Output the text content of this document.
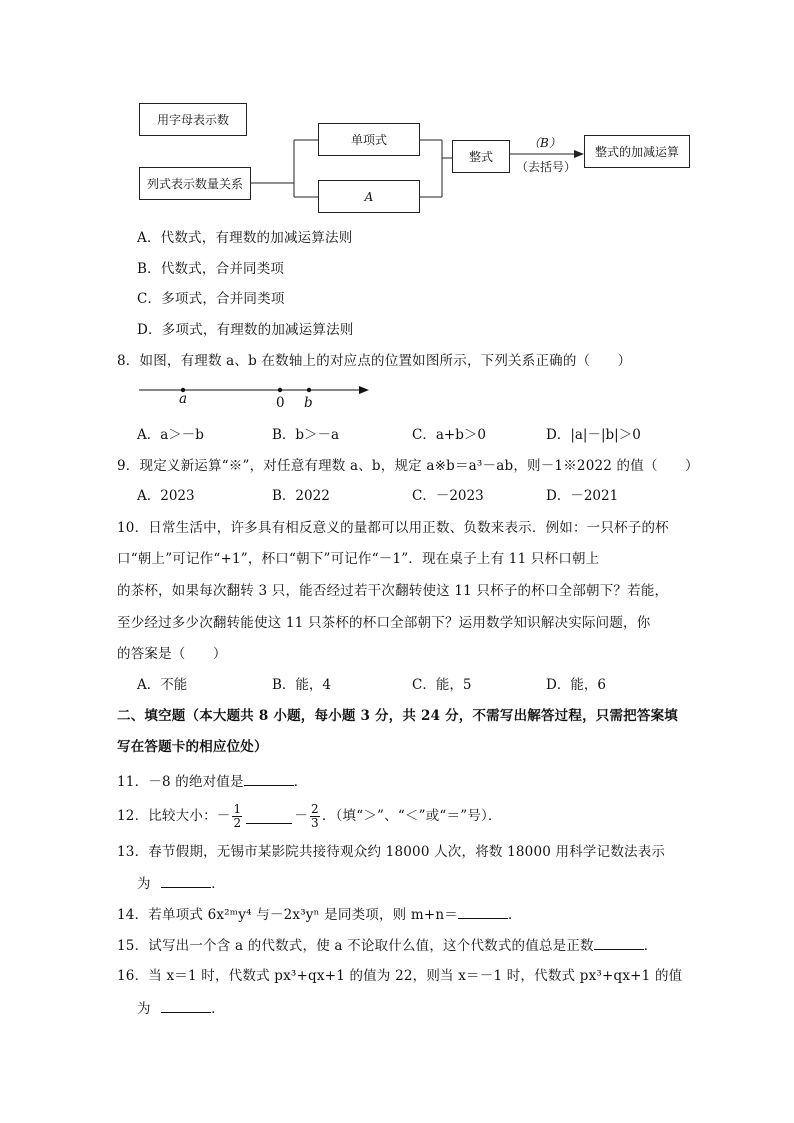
用字母表示数
列式表示数量关系
单项式
A
整式	整式的加减运算
（B）
（去括号）
A．代数式，有理数的加减运算法则
B．代数式，合并同类项
C．多项式，合并同类项
D．多项式，有理数的加减运算法则
8．如图，有理数 a、b 在数轴上的对应点的位置如图所示，下列关系正确的（　　）
a	0 b
A．a＞－b	B．b＞－a	C．a+b＞0	D．|a|－|b|＞0
9．现定义新运算“※”，对任意有理数 a、b，规定 a※b＝a³－ab，则－1※2022 的值（　　）
A．2023	B．2022	C．－2023	D．－2021
10．日常生活中，许多具有相反意义的量都可以用正数、负数来表示．例如：一只杯子的杯
口“朝上”可记作“+1”，杯口“朝下”可记作“－1”．现在桌子上有 11 只杯口朝上
的茶杯，如果每次翻转 3 只，能否经过若干次翻转使这 11 只杯子的杯口全部朝下？若能，
至少经过多少次翻转能使这 11 只茶杯的杯口全部朝下？运用数学知识解决实际问题，你
的答案是（　　）
A．不能	B．能，4	C．能，5	D．能，6
二、填空题（本大题共 8 小题，每小题 3 分，共 24 分，不需写出解答过程，只需把答案填
写在答题卡的相应位处）
11．－8 的绝对值是	．
12．比较大小：－ $\frac{1}{2}$	－ $\frac{2}{3}$ ．（填“＞”、“＜”或“＝”号）．
13．春节假期，无锡市某影院共接待观众约 18000 人次，将数 18000 用科学记数法表示
为	．
14．若单项式 6x²ᵐy⁴ 与－2x³yⁿ 是同类项，则 m+n＝	．
15．试写出一个含 a 的代数式，使 a 不论取什么值，这个代数式的值总是正数	．
16．当 x＝1 时，代数式 px³+qx+1 的值为 22，则当 x＝－1 时，代数式 px³+qx+1 的值
为	．
